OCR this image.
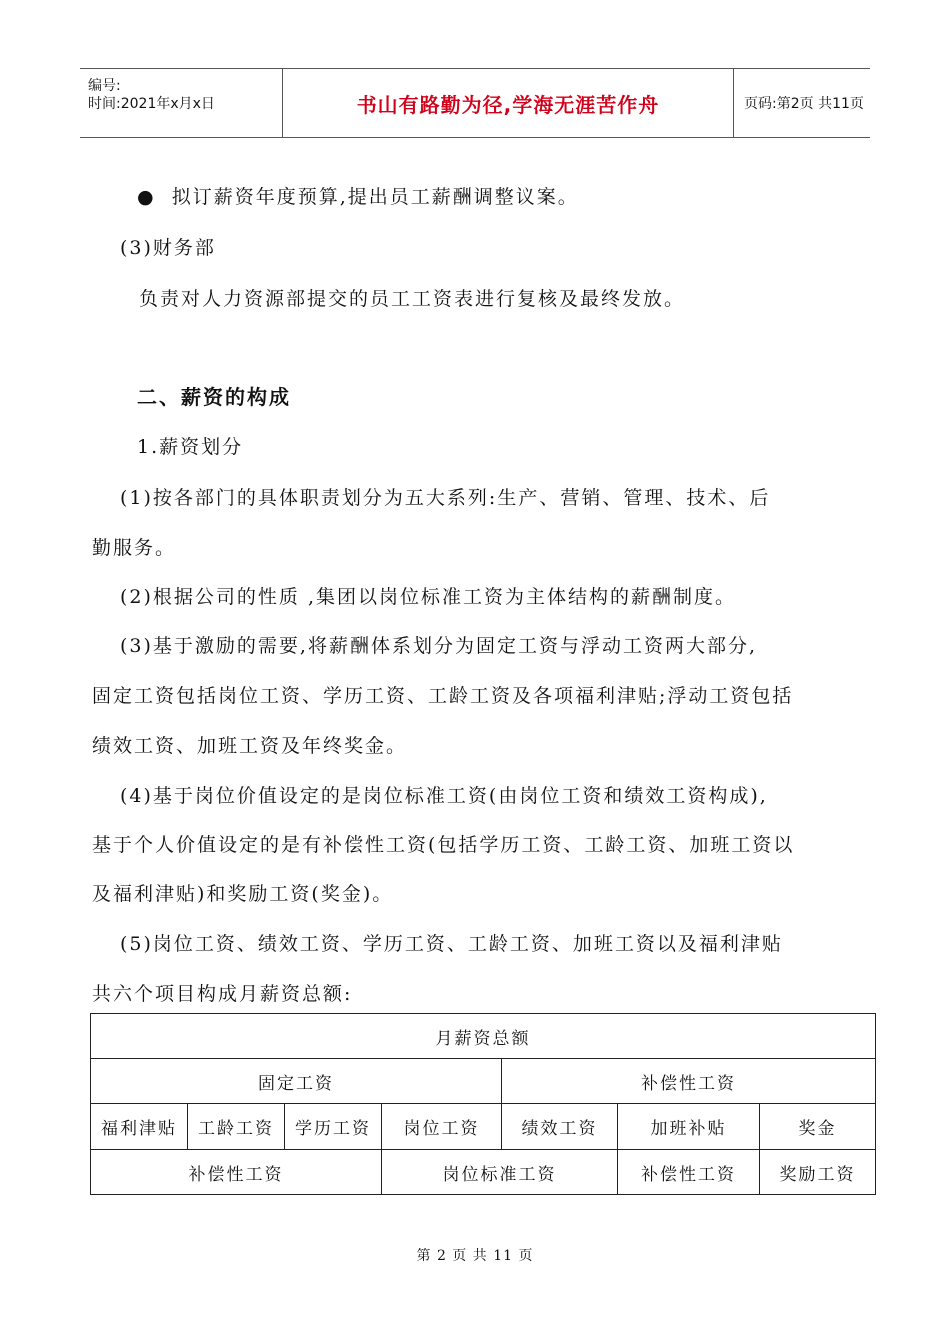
编号:
时间:2021年x月x日	书山有路勤为径,学海无涯苦作舟	页码:第2页 共11页
● 拟订薪资年度预算,提出员工薪酬调整议案。
(3)财务部
负责对人力资源部提交的员工工资表进行复核及最终发放。
二、薪资的构成
1.薪资划分
(1)按各部门的具体职责划分为五大系列:生产、营销、管理、技术、后
勤服务。
(2)根据公司的性质 ,集团以岗位标准工资为主体结构的薪酬制度。
(3)基于激励的需要,将薪酬体系划分为固定工资与浮动工资两大部分,
固定工资包括岗位工资、学历工资、工龄工资及各项福利津贴;浮动工资包括
绩效工资、加班工资及年终奖金。
(4)基于岗位价值设定的是岗位标准工资(由岗位工资和绩效工资构成),
基于个人价值设定的是有补偿性工资(包括学历工资、工龄工资、加班工资以
及福利津贴)和奖励工资(奖金)。
(5)岗位工资、绩效工资、学历工资、工龄工资、加班工资以及福利津贴
共六个项目构成月薪资总额:
月薪资总额
固定工资	补偿性工资
福利津贴	工龄工资	学历工资	岗位工资	绩效工资	加班补贴	奖金
补偿性工资	岗位标准工资	补偿性工资	奖励工资
第 2 页 共 11 页
